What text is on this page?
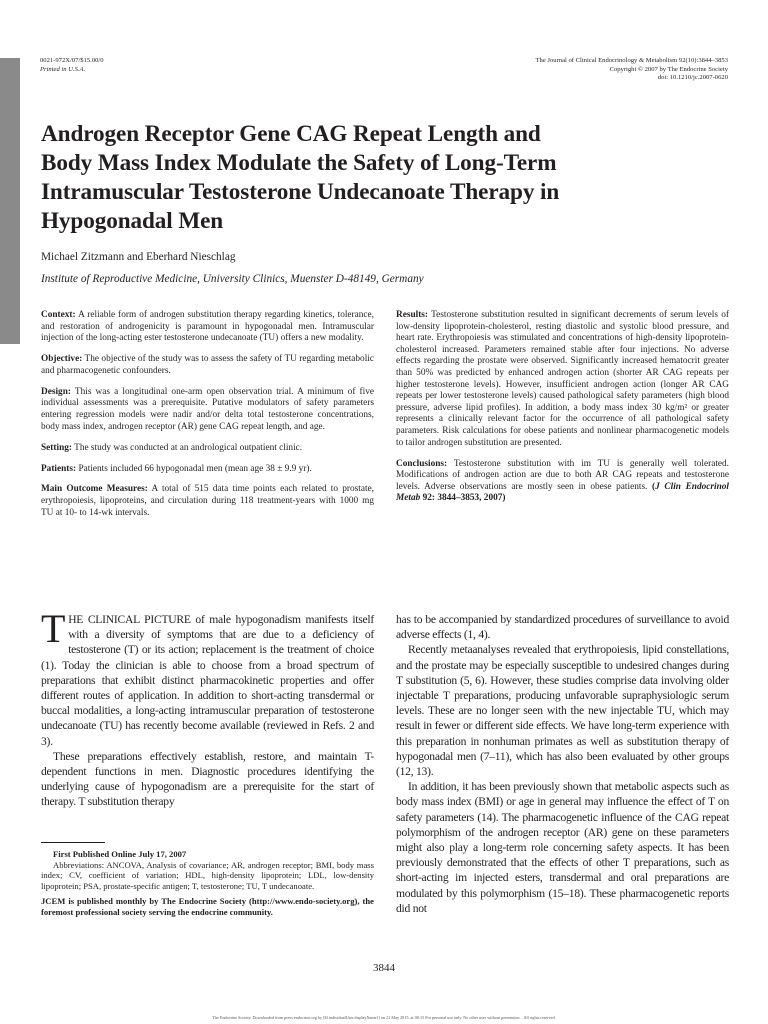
0021-972X/07/$15.00/0
Printed in U.S.A.
The Journal of Clinical Endocrinology & Metabolism 92(10):3844–3853
Copyright © 2007 by The Endocrine Society
doi: 10.1210/jc.2007-0620
Androgen Receptor Gene CAG Repeat Length and
Body Mass Index Modulate the Safety of Long-Term
Intramuscular Testosterone Undecanoate Therapy in
Hypogonadal Men
Michael Zitzmann and Eberhard Nieschlag
Institute of Reproductive Medicine, University Clinics, Muenster D-48149, Germany

Context: A reliable form of androgen substitution therapy regarding kinetics, tolerance, and restoration of androgenicity is paramount in hypogonadal men. Intramuscular injection of the long-acting ester testosterone undecanoate (TU) offers a new modality.

Objective: The objective of the study was to assess the safety of TU regarding metabolic and pharmacogenetic confounders.

Design: This was a longitudinal one-arm open observation trial. A minimum of five individual assessments was a prerequisite. Putative modulators of safety parameters entering regression models were nadir and/or delta total testosterone concentrations, body mass index, androgen receptor (AR) gene CAG repeat length, and age.

Setting: The study was conducted at an andrological outpatient clinic.

Patients: Patients included 66 hypogonadal men (mean age 38 ± 9.9 yr).

Main Outcome Measures: A total of 515 data time points each related to prostate, erythropoiesis, lipoproteins, and circulation during 118 treatment-years with 1000 mg TU at 10- to 14-wk intervals.

Results: Testosterone substitution resulted in significant decrements of serum levels of low-density lipoprotein-cholesterol, resting diastolic and systolic blood pressure, and heart rate. Erythropoiesis was stimulated and concentrations of high-density lipoprotein-cholesterol increased. Parameters remained stable after four injections. No adverse effects regarding the prostate were observed. Significantly increased hematocrit greater than 50% was predicted by enhanced androgen action (shorter AR CAG repeats per higher testosterone levels). However, insufficient androgen action (longer AR CAG repeats per lower testosterone levels) caused pathological safety parameters (high blood pressure, adverse lipid profiles). In addition, a body mass index 30 kg/m² or greater represents a clinically relevant factor for the occurrence of all pathological safety parameters. Risk calculations for obese patients and nonlinear pharmacogenetic models to tailor androgen substitution are presented.

Conclusions: Testosterone substitution with im TU is generally well tolerated. Modifications of androgen action are due to both AR CAG repeats and testosterone levels. Adverse observations are mostly seen in obese patients. (J Clin Endocrinol Metab 92: 3844–3853, 2007)

THE CLINICAL PICTURE of male hypogonadism manifests itself with a diversity of symptoms that are due to a deficiency of testosterone (T) or its action; replacement is the treatment of choice (1). Today the clinician is able to choose from a broad spectrum of preparations that exhibit distinct pharmacokinetic properties and offer different routes of application. In addition to short-acting transdermal or buccal modalities, a long-acting intramuscular preparation of testosterone undecanoate (TU) has recently become available (reviewed in Refs. 2 and 3).

These preparations effectively establish, restore, and maintain T-dependent functions in men. Diagnostic procedures identifying the underlying cause of hypogonadism are a prerequisite for the start of therapy. T substitution therapy

has to be accompanied by standardized procedures of surveillance to avoid adverse effects (1, 4).

Recently metaanalyses revealed that erythropoiesis, lipid constellations, and the prostate may be especially susceptible to undesired changes during T substitution (5, 6). However, these studies comprise data involving older injectable T preparations, producing unfavorable supraphysiologic serum levels. These are no longer seen with the new injectable TU, which may result in fewer or different side effects. We have long-term experience with this preparation in nonhuman primates as well as substitution therapy of hypogonadal men (7–11), which has also been evaluated by other groups (12, 13).

In addition, it has been previously shown that metabolic aspects such as body mass index (BMI) or age in general may influence the effect of T on safety parameters (14). The pharmacogenetic influence of the CAG repeat polymorphism of the androgen receptor (AR) gene on these parameters might also play a long-term role concerning safety aspects. It has been previously demonstrated that the effects of other T preparations, such as short-acting im injected esters, transdermal and oral preparations are modulated by this polymorphism (15–18). These pharmacogenetic reports did not

First Published Online July 17, 2007

Abbreviations: ANCOVA, Analysis of covariance; AR, androgen receptor; BMI, body mass index; CV, coefficient of variation; HDL, high-density lipoprotein; LDL, low-density lipoprotein; PSA, prostate-specific antigen; T, testosterone; TU, T undecanoate.

JCEM is published monthly by The Endocrine Society (http://www.endo-society.org), the foremost professional society serving the endocrine community.

3844
The Endocrine Society. Downloaded from press.endocrine.org by [${individualUser.displayName}] on 21 May 2015. at 00:15 For personal use only. No other uses without permission. . All rights reserved.
